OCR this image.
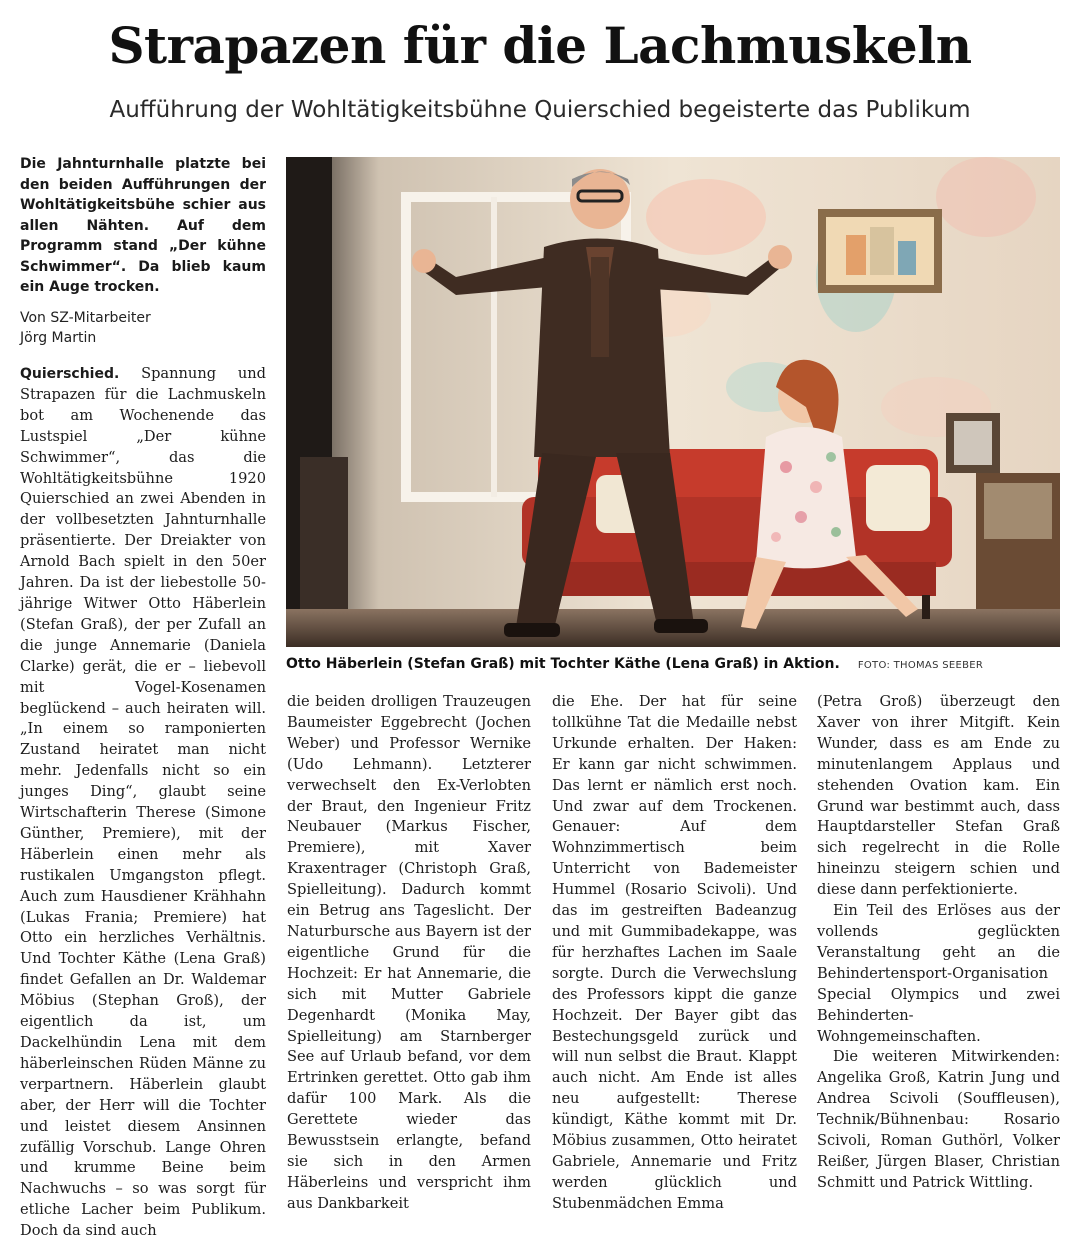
Strapazen für die Lachmuskeln
Aufführung der Wohltätigkeitsbühne Quierschied begeisterte das Publikum
Die Jahnturnhalle platzte bei den beiden Aufführungen der Wohltätigkeitsbühe schier aus allen Nähten. Auf dem Programm stand „Der kühne Schwimmer“. Da blieb kaum ein Auge trocken.
Von SZ-Mitarbeiter
Jörg Martin

Quierschied. Spannung und Strapazen für die Lachmuskeln bot am Wochenende das Lustspiel „Der kühne Schwimmer“, das die Wohltätigkeitsbühne 1920 Quierschied an zwei Abenden in der vollbesetzten Jahnturnhalle präsentierte. Der Dreiakter von Arnold Bach spielt in den 50er Jahren. Da ist der liebestolle 50-jährige Witwer Otto Häberlein (Stefan Graß), der per Zufall an die junge Annemarie (Daniela Clarke) gerät, die er – liebevoll mit Vogel-Kosenamen beglückend – auch heiraten will. „In einem so ramponierten Zustand heiratet man nicht mehr. Jedenfalls nicht so ein junges Ding“, glaubt seine Wirtschafterin Therese (Simone Günther, Premiere), mit der Häberlein einen mehr als rustikalen Umgangston pflegt. Auch zum Hausdiener Krähhahn (Lukas Frania; Premiere) hat Otto ein herzliches Verhältnis. Und Tochter Käthe (Lena Graß) findet Gefallen an Dr. Waldemar Möbius (Stephan Groß), der eigentlich da ist, um Dackelhündin Lena mit dem häberleinschen Rüden Männe zu verpartnern. Häberlein glaubt aber, der Herr will die Tochter und leistet diesem Ansinnen zufällig Vorschub. Lange Ohren und krumme Beine beim Nachwuchs – so was sorgt für etliche Lacher beim Publikum. Doch da sind auch

Otto Häberlein (Stefan Graß) mit Tochter Käthe (Lena Graß) in Aktion. FOTO: THOMAS SEEBER

die beiden drolligen Trauzeugen Baumeister Eggebrecht (Jochen Weber) und Professor Wernike (Udo Lehmann). Letzterer verwechselt den Ex-Verlobten der Braut, den Ingenieur Fritz Neubauer (Markus Fischer, Premiere), mit Xaver Kraxentrager (Christoph Graß, Spielleitung). Dadurch kommt ein Betrug ans Tageslicht. Der Naturbursche aus Bayern ist der eigentliche Grund für die Hochzeit: Er hat Annemarie, die sich mit Mutter Gabriele Degenhardt (Monika May, Spielleitung) am Starnberger See auf Urlaub befand, vor dem Ertrinken gerettet. Otto gab ihm dafür 100 Mark. Als die Gerettete wieder das Bewusstsein erlangte, befand sie sich in den Armen Häberleins und verspricht ihm aus Dankbarkeit

die Ehe. Der hat für seine tollkühne Tat die Medaille nebst Urkunde erhalten. Der Haken: Er kann gar nicht schwimmen. Das lernt er nämlich erst noch. Und zwar auf dem Trockenen. Genauer: Auf dem Wohnzimmertisch beim Unterricht von Bademeister Hummel (Rosario Scivoli). Und das im gestreiften Badeanzug und mit Gummibadekappe, was für herzhaftes Lachen im Saale sorgte. Durch die Verwechslung des Professors kippt die ganze Hochzeit. Der Bayer gibt das Bestechungsgeld zurück und will nun selbst die Braut. Klappt auch nicht. Am Ende ist alles neu aufgestellt: Therese kündigt, Käthe kommt mit Dr. Möbius zusammen, Otto heiratet Gabriele, Annemarie und Fritz werden glücklich und Stubenmädchen Emma

(Petra Groß) überzeugt den Xaver von ihrer Mitgift. Kein Wunder, dass es am Ende zu minutenlangem Applaus und stehenden Ovation kam. Ein Grund war bestimmt auch, dass Hauptdarsteller Stefan Graß sich regelrecht in die Rolle hineinzu steigern schien und diese dann perfektionierte.

Ein Teil des Erlöses aus der vollends geglückten Veranstaltung geht an die Behindertensport-Organisation Special Olympics und zwei Behinderten-Wohngemeinschaften.

Die weiteren Mitwirkenden: Angelika Groß, Katrin Jung und Andrea Scivoli (Souffleusen), Technik/Bühnenbau: Rosario Scivoli, Roman Guthörl, Volker Reißer, Jürgen Blaser, Christian Schmitt und Patrick Wittling.
